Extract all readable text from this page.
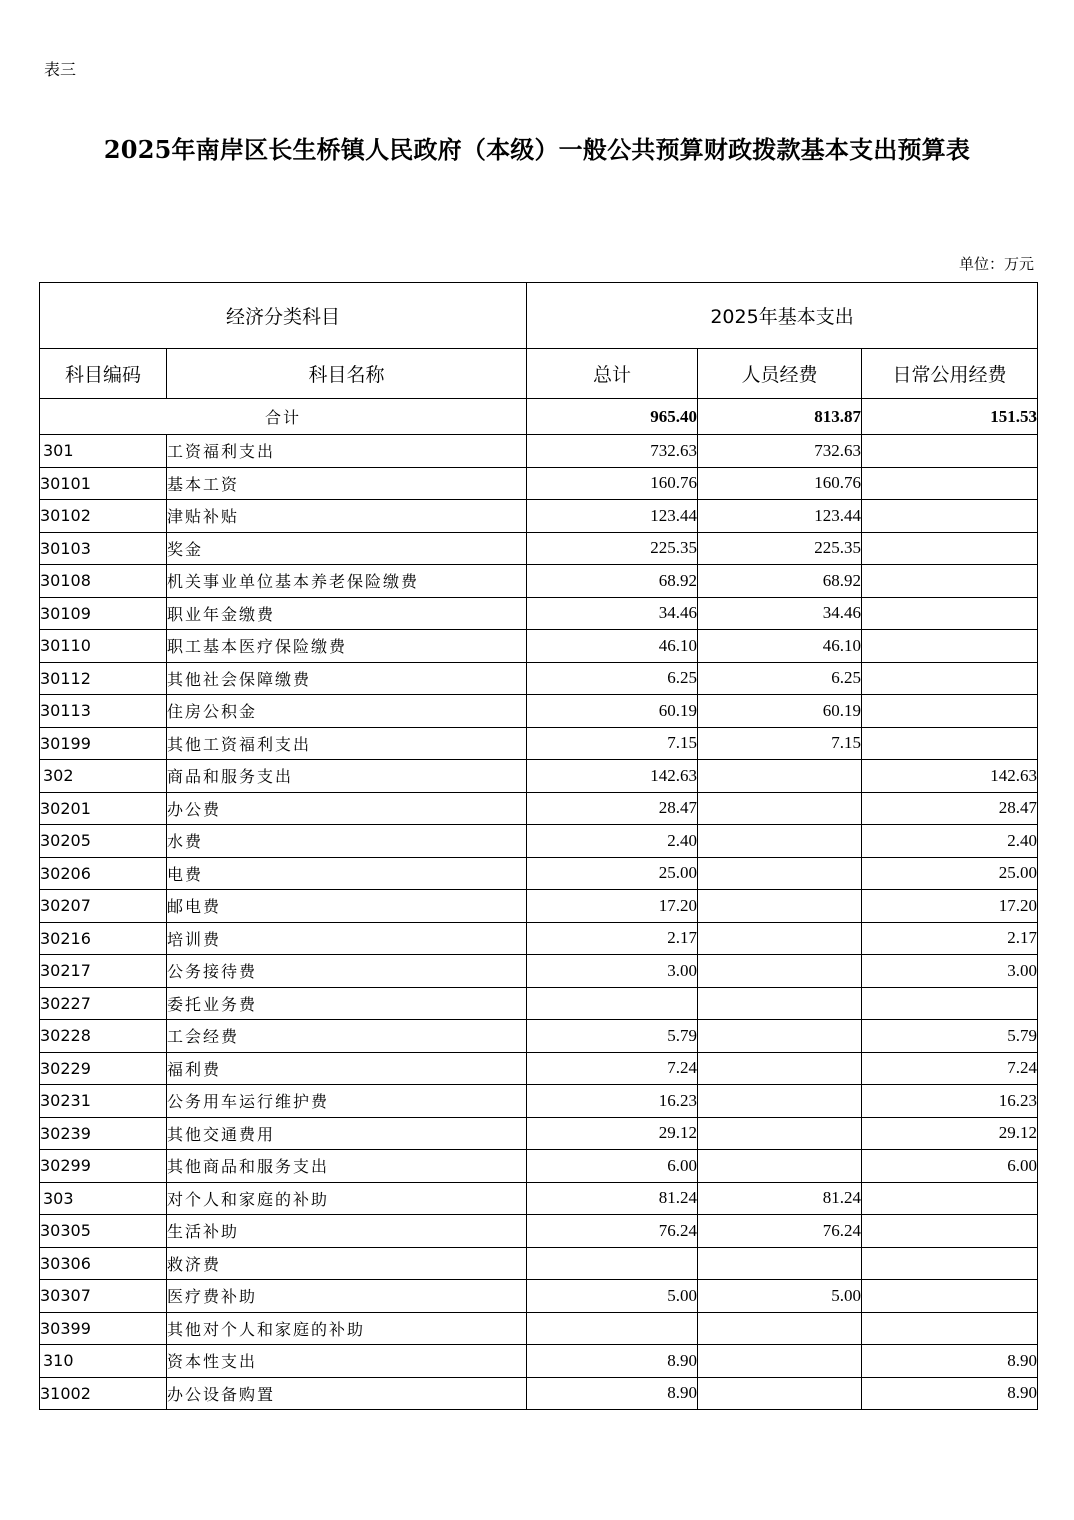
表三
2025年南岸区长生桥镇人民政府（本级）一般公共预算财政拨款基本支出预算表
单位：万元
经济分类科目		2025年基本支出		
科目编码	科目名称	总计	人员经费	日常公用经费
合计		965.40	813.87	151.53
301	工资福利支出	732.63	732.63	
30101	基本工资	160.76	160.76	
30102	津贴补贴	123.44	123.44	
30103	奖金	225.35	225.35	
30108	机关事业单位基本养老保险缴费	68.92	68.92	
30109	职业年金缴费	34.46	34.46	
30110	职工基本医疗保险缴费	46.10	46.10	
30112	其他社会保障缴费	6.25	6.25	
30113	住房公积金	60.19	60.19	
30199	其他工资福利支出	7.15	7.15	
302	商品和服务支出	142.63		142.63
30201	办公费	28.47		28.47
30205	水费	2.40		2.40
30206	电费	25.00		25.00
30207	邮电费	17.20		17.20
30216	培训费	2.17		2.17
30217	公务接待费	3.00		3.00
30227	委托业务费			
30228	工会经费	5.79		5.79
30229	福利费	7.24		7.24
30231	公务用车运行维护费	16.23		16.23
30239	其他交通费用	29.12		29.12
30299	其他商品和服务支出	6.00		6.00
303	对个人和家庭的补助	81.24	81.24	
30305	生活补助	76.24	76.24	
30306	救济费			
30307	医疗费补助	5.00	5.00	
30399	其他对个人和家庭的补助			
310	资本性支出	8.90		8.90
31002	办公设备购置	8.90		8.90
